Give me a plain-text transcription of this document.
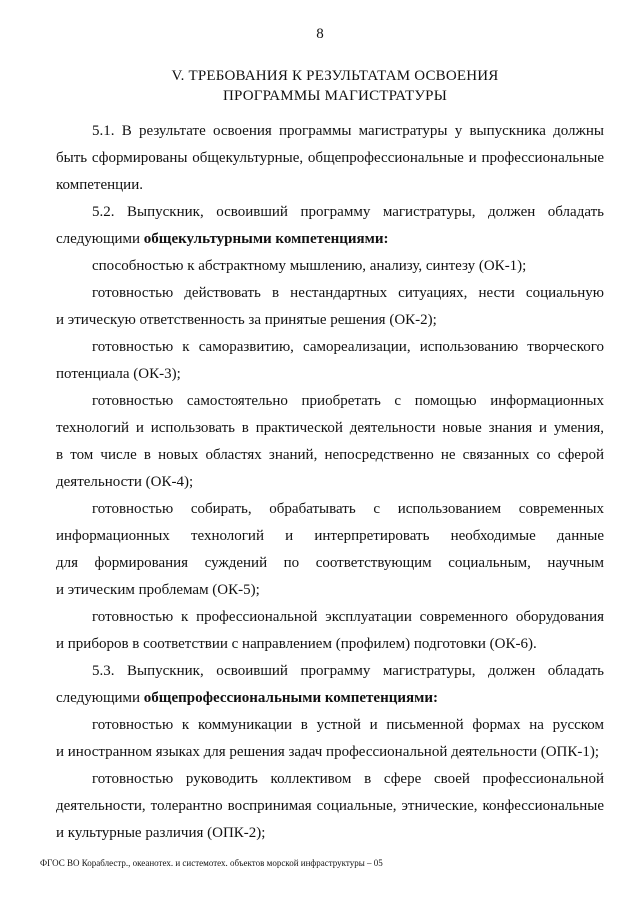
8
V. ТРЕБОВАНИЯ К РЕЗУЛЬТАТАМ ОСВОЕНИЯ
ПРОГРАММЫ МАГИСТРАТУРЫ
5.1. В результате освоения программы магистратуры у выпускника должны
быть сформированы общекультурные, общепрофессиональные и профессиональные
компетенции.
5.2. Выпускник, освоивший программу магистратуры, должен обладать
следующими общекультурными компетенциями:
способностью к абстрактному мышлению, анализу, синтезу (ОК-1);
готовностью действовать в нестандартных ситуациях, нести социальную
и этическую ответственность за принятые решения (ОК-2);
готовностью к саморазвитию, самореализации, использованию творческого
потенциала (ОК-3);
готовностью самостоятельно приобретать с помощью информационных
технологий и использовать в практической деятельности новые знания и умения,
в том числе в новых областях знаний, непосредственно не связанных со сферой
деятельности (ОК-4);
готовностью собирать, обрабатывать с использованием современных
информационных технологий и интерпретировать необходимые данные
для формирования суждений по соответствующим социальным, научным
и этическим проблемам (ОК-5);
готовностью к профессиональной эксплуатации современного оборудования
и приборов в соответствии с направлением (профилем) подготовки (ОК-6).
5.3. Выпускник, освоивший программу магистратуры, должен обладать
следующими общепрофессиональными компетенциями:
готовностью к коммуникации в устной и письменной формах на русском
и иностранном языках для решения задач профессиональной деятельности (ОПК-1);
готовностью руководить коллективом в сфере своей профессиональной
деятельности, толерантно воспринимая социальные, этнические, конфессиональные
и культурные различия (ОПК-2);
ФГОС ВО Кораблестр., океанотех. и системотех. объектов морской инфраструктуры – 05
